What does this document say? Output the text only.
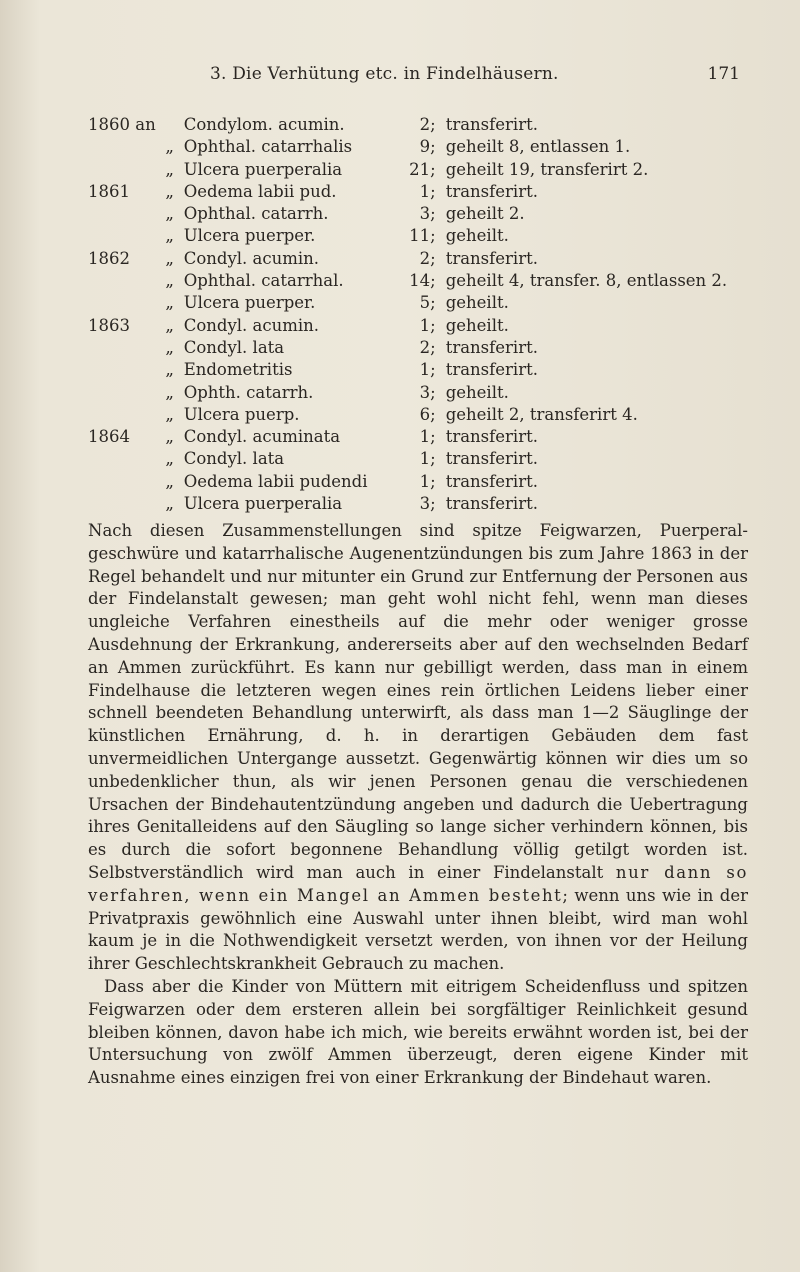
3. Die Verhütung etc. in Findelhäusern.	171
1860 an		Condylom. acumin.	2;	transferirt.
	„	Ophthal. catarrhalis	9;	geheilt 8, entlassen 1.
	„	Ulcera puerperalia	21;	geheilt 19, transferirt 2.
1861	„	Oedema labii pud.	1;	transferirt.
	„	Ophthal. catarrh.	3;	geheilt 2.
	„	Ulcera puerper.	11;	geheilt.
1862	„	Condyl. acumin.	2;	transferirt.
	„	Ophthal. catarrhal.	14;	geheilt 4, transfer. 8, entlassen 2.
	„	Ulcera puerper.	5;	geheilt.
1863	„	Condyl. acumin.	1;	geheilt.
	„	Condyl. lata	2;	transferirt.
	„	Endometritis	1;	transferirt.
	„	Ophth. catarrh.	3;	geheilt.
	„	Ulcera puerp.	6;	geheilt 2, transferirt 4.
1864	„	Condyl. acuminata	1;	transferirt.
	„	Condyl. lata	1;	transferirt.
	„	Oedema labii pudendi	1;	transferirt.
	„	Ulcera puerperalia	3;	transferirt.

Nach diesen Zusammenstellungen sind spitze Feigwarzen, Puerperal-geschwüre und katarrhalische Augenentzündungen bis zum Jahre 1863 in der Regel behandelt und nur mitunter ein Grund zur Entfernung der Personen aus der Findelanstalt gewesen; man geht wohl nicht fehl, wenn man dieses ungleiche Verfahren einestheils auf die mehr oder weniger grosse Ausdehnung der Erkrankung, andererseits aber auf den wechselnden Bedarf an Ammen zurückführt. Es kann nur gebilligt werden, dass man in einem Findelhause die letzteren wegen eines rein örtlichen Leidens lieber einer schnell beendeten Behandlung unterwirft, als dass man 1—2 Säuglinge der künstlichen Ernährung, d. h. in derartigen Gebäuden dem fast unvermeidlichen Untergange aussetzt. Gegenwärtig können wir dies um so unbedenklicher thun, als wir jenen Personen genau die verschiedenen Ursachen der Bindehautentzündung angeben und dadurch die Uebertragung ihres Genitalleidens auf den Säugling so lange sicher verhindern können, bis es durch die sofort begonnene Behandlung völlig getilgt worden ist. Selbstverständlich wird man auch in einer Findelanstalt nur dann so verfahren, wenn ein Mangel an Ammen besteht; wenn uns wie in der Privatpraxis gewöhnlich eine Auswahl unter ihnen bleibt, wird man wohl kaum je in die Nothwendigkeit versetzt werden, von ihnen vor der Heilung ihrer Geschlechtskrankheit Gebrauch zu machen.

Dass aber die Kinder von Müttern mit eitrigem Scheidenfluss und spitzen Feigwarzen oder dem ersteren allein bei sorgfältiger Reinlichkeit gesund bleiben können, davon habe ich mich, wie bereits erwähnt worden ist, bei der Untersuchung von zwölf Ammen überzeugt, deren eigene Kinder mit Ausnahme eines einzigen frei von einer Erkrankung der Bindehaut waren.
